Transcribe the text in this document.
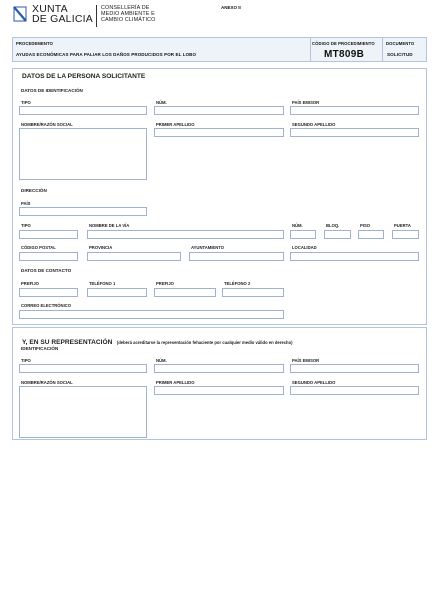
XUNTA
DE GALICIA
CONSELLERÍA DE
MEDIO AMBIENTE E
CAMBIO CLIMÁTICO
ANEXO II
PROCEDEMENTO
AYUDAS ECONÓMICAS PARA PALIAR LOS DAÑOS PRODUCIDOS POR EL LOBO
CÓDIGO DE PROCEDIMIENTO
MT809B
DOCUMENTO
SOLICITUD
DATOS DE LA PERSONA SOLICITANTE
DATOS DE IDENTIFICACIÓN
TIPO	NÚM.	PAÍS EMISOR
NOMBRE/RAZÓN SOCIAL	PRIMER APELLIDO	SEGUNDO APELLIDO
DIRECCIÓN
PAÍS
TIPO	NOMBRE DE LA VÍA	NÚM.	BLOQ.	PISO	PUERTA
CÓDIGO POSTAL	PROVINCIA	AYUNTAMIENTO	LOCALIDAD
DATOS DE CONTACTO
PREFIJO	TELÉFONO 1	PREFIJO	TELÉFONO 2
CORREO ELECTRÓNICO
Y, EN SU REPRESENTACIÓN (deberá acreditarse la representación fehaciente por cualquier medio válido en derecho)
IDENTIFICACIÓN
TIPO	NÚM.	PAÍS EMISOR
NOMBRE/RAZÓN SOCIAL	PRIMER APELLIDO	SEGUNDO APELLIDO
